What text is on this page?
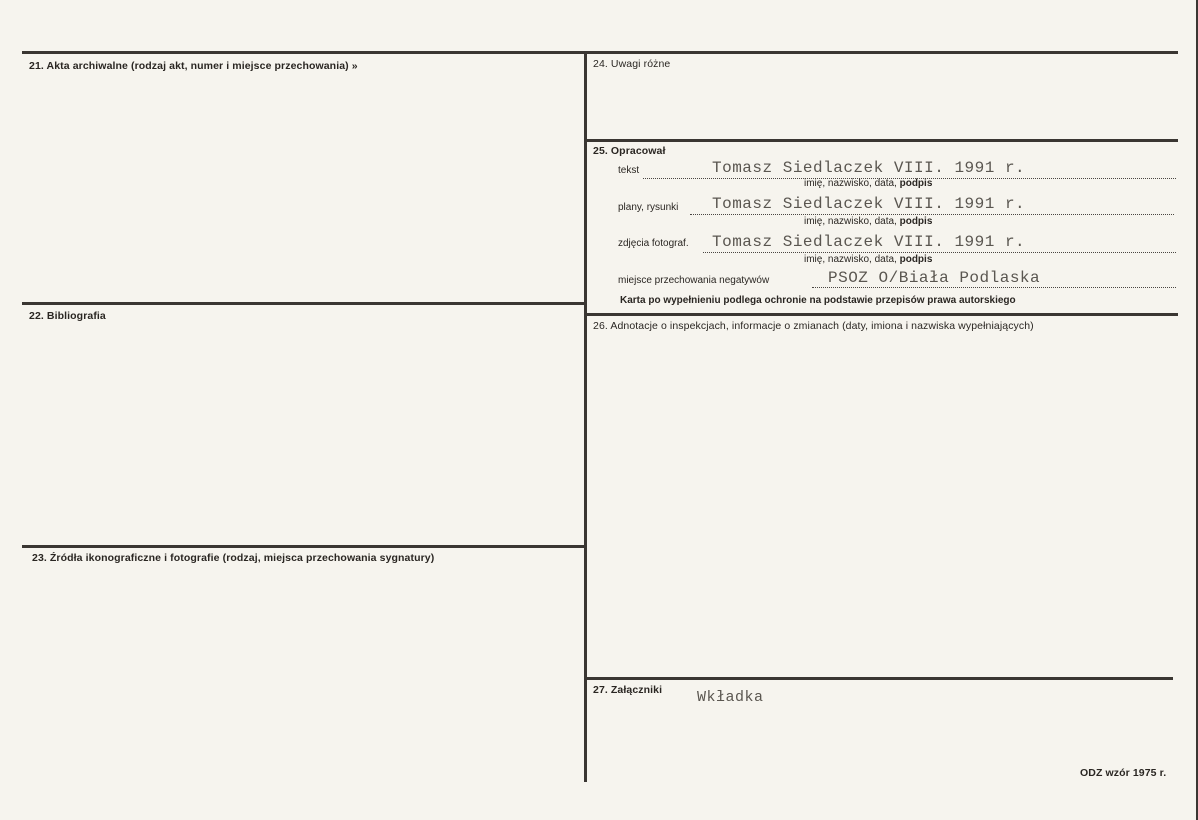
21. Akta archiwalne (rodzaj akt, numer i miejsce przechowania) »
22. Bibliografia
23. Źródła ikonograficzne i fotografie (rodzaj, miejsca przechowania sygnatury)
24. Uwagi różne
25. Opracował
26. Adnotacje o inspekcjach, informacje o zmianach (daty, imiona i nazwiska wypełniających)
27. Załączniki
tekst	Tomasz Siedlaczek VIII. 1991 r.
imię, nazwisko, data, podpis
plany, rysunki Tomasz Siedlaczek VIII. 1991 r.
imię, nazwisko, data, podpis
zdjęcia fotograf. Tomasz Siedlaczek VIII. 1991 r.
imię, nazwisko, data, podpis
miejsce przechowania negatywów	PSOZ O/Biała Podlaska
Karta po wypełnieniu podlega ochronie na podstawie przepisów prawa autorskiego
Wkładka
ODZ wzór 1975 r.
